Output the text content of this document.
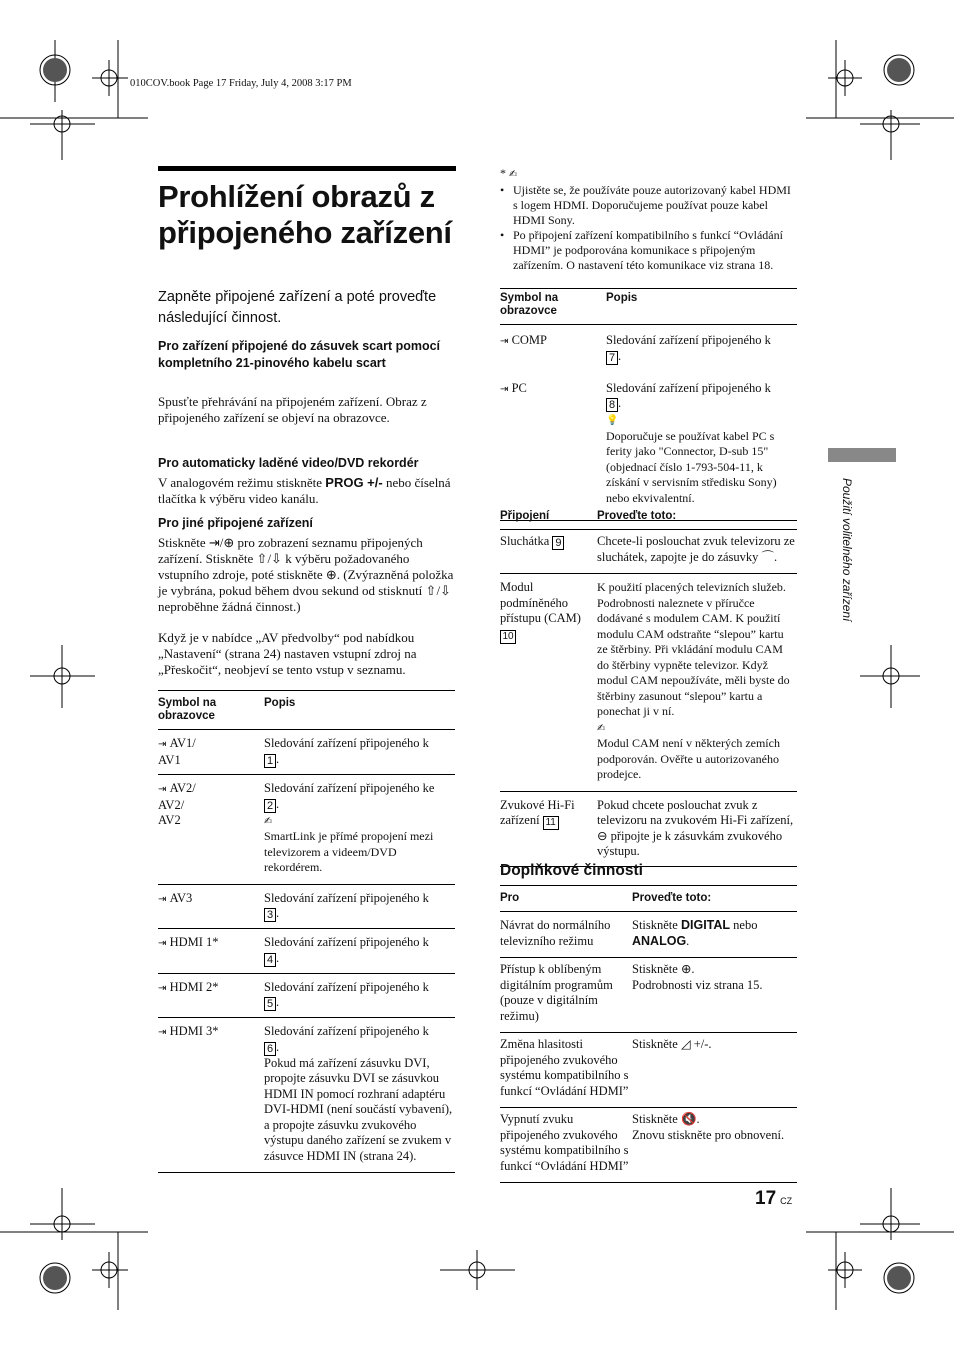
010COV.book Page 17 Friday, July 4, 2008 3:17 PM
Prohlížení obrazů z připojeného zařízení
Zapněte připojené zařízení a poté proveďte následující činnost.
Pro zařízení připojené do zásuvek scart pomocí kompletního 21-pinového kabelu scart
Spusťte přehrávání na připojeném zařízení. Obraz z připojeného zařízení se objeví na obrazovce.
Pro automaticky laděné video/DVD rekordér
V analogovém režimu stiskněte PROG +/- nebo číselná tlačítka k výběru video kanálu.
Pro jiné připojené zařízení
Stiskněte ⇥/⊕ pro zobrazení seznamu připojených zařízení. Stiskněte ⇧/⇩ k výběru požadovaného vstupního zdroje, poté stiskněte ⊕. (Zvýrazněná položka je vybrána, pokud během dvou sekund od stisknutí ⇧/⇩ neproběhne žádná činnost.)
Když je v nabídce „AV předvolby“ pod nabídkou „Nastavení“ (strana 24) nastaven vstupní zdroj na „Přeskočit“, neobjeví se tento vstup v seznamu.
Symbol na obrazovce	Popis
⇥ AV1/
AV1	Sledování zařízení připojeného k
1 .
⇥ AV2/
AV2/
AV2	Sledování zařízení připojeného ke
2 .
✍
SmartLink je přímé propojení mezi televizorem a videem/DVD rekordérem.
⇥ AV3	Sledování zařízení připojeného k
3 .
⇥ HDMI 1*	Sledování zařízení připojeného k
4 .
⇥ HDMI 2*	Sledování zařízení připojeného k
5 .
⇥ HDMI 3*	Sledování zařízení připojeného k
6 .
Pokud má zařízení zásuvku DVI, propojte zásuvku DVI se zásuvkou HDMI IN pomocí rozhraní adaptéru DVI-HDMI (není součástí vybavení), a propojte zásuvku zvukového výstupu daného zařízení se zvukem v zásuvce HDMI IN (strana 24).
* ✍
• Ujistěte se, že používáte pouze autorizovaný kabel HDMI s logem HDMI. Doporučujeme používat pouze kabel HDMI Sony.
• Po připojení zařízení kompatibilního s funkcí “Ovládání HDMI” je podporována komunikace s připojeným zařízením. O nastavení této komunikace viz strana 18.
Symbol na obrazovce	Popis
⇥ COMP	Sledování zařízení připojeného k
7 .
⇥ PC	Sledování zařízení připojeného k
8 .
💡
Doporučuje se používat kabel PC s ferity jako "Connector, D-sub 15" (objednací číslo 1-793-504-11, k získání v servisním středisku Sony) nebo ekvivalentní.
Připojení	Proveďte toto:
Sluchátka 9	Chcete-li poslouchat zvuk televizoru ze sluchátek, zapojte je do zásuvky ⌒.
Modul podmíněného přístupu (CAM) 10	K použití placených televizních služeb.
Podrobnosti naleznete v příručce dodávané s modulem CAM. K použití modulu CAM odstraňte “slepou” kartu ze štěrbiny. Při vkládání modulu CAM do štěrbiny vypněte televizor. Když modul CAM nepoužíváte, měli byste do štěrbiny zasunout “slepou” kartu a ponechat ji v ní.
✍
Modul CAM není v některých zemích podporován. Ověřte u autorizovaného prodejce.
Zvukové Hi-Fi zařízení 11	Pokud chcete poslouchat zvuk z televizoru na zvukovém Hi-Fi zařízení, ⊖ připojte je k zásuvkám zvukového výstupu.
Doplňkové činnosti
Pro	Proveďte toto:
Návrat do normálního televizního režimu	Stiskněte DIGITAL nebo
ANALOG.
Přístup k oblíbeným digitálním programům (pouze v digitálním režimu)	Stiskněte ⊕.
Podrobnosti viz strana 15.
Změna hlasitosti připojeného zvukového systému kompatibilního s funkcí “Ovládání HDMI”	Stiskněte ◿ +/-.
Vypnutí zvuku připojeného zvukového systému kompatibilního s funkcí “Ovládání HDMI”	Stiskněte 🔇.
Znovu stiskněte pro obnovení.
Použití volitelného zařízení
17 CZ
